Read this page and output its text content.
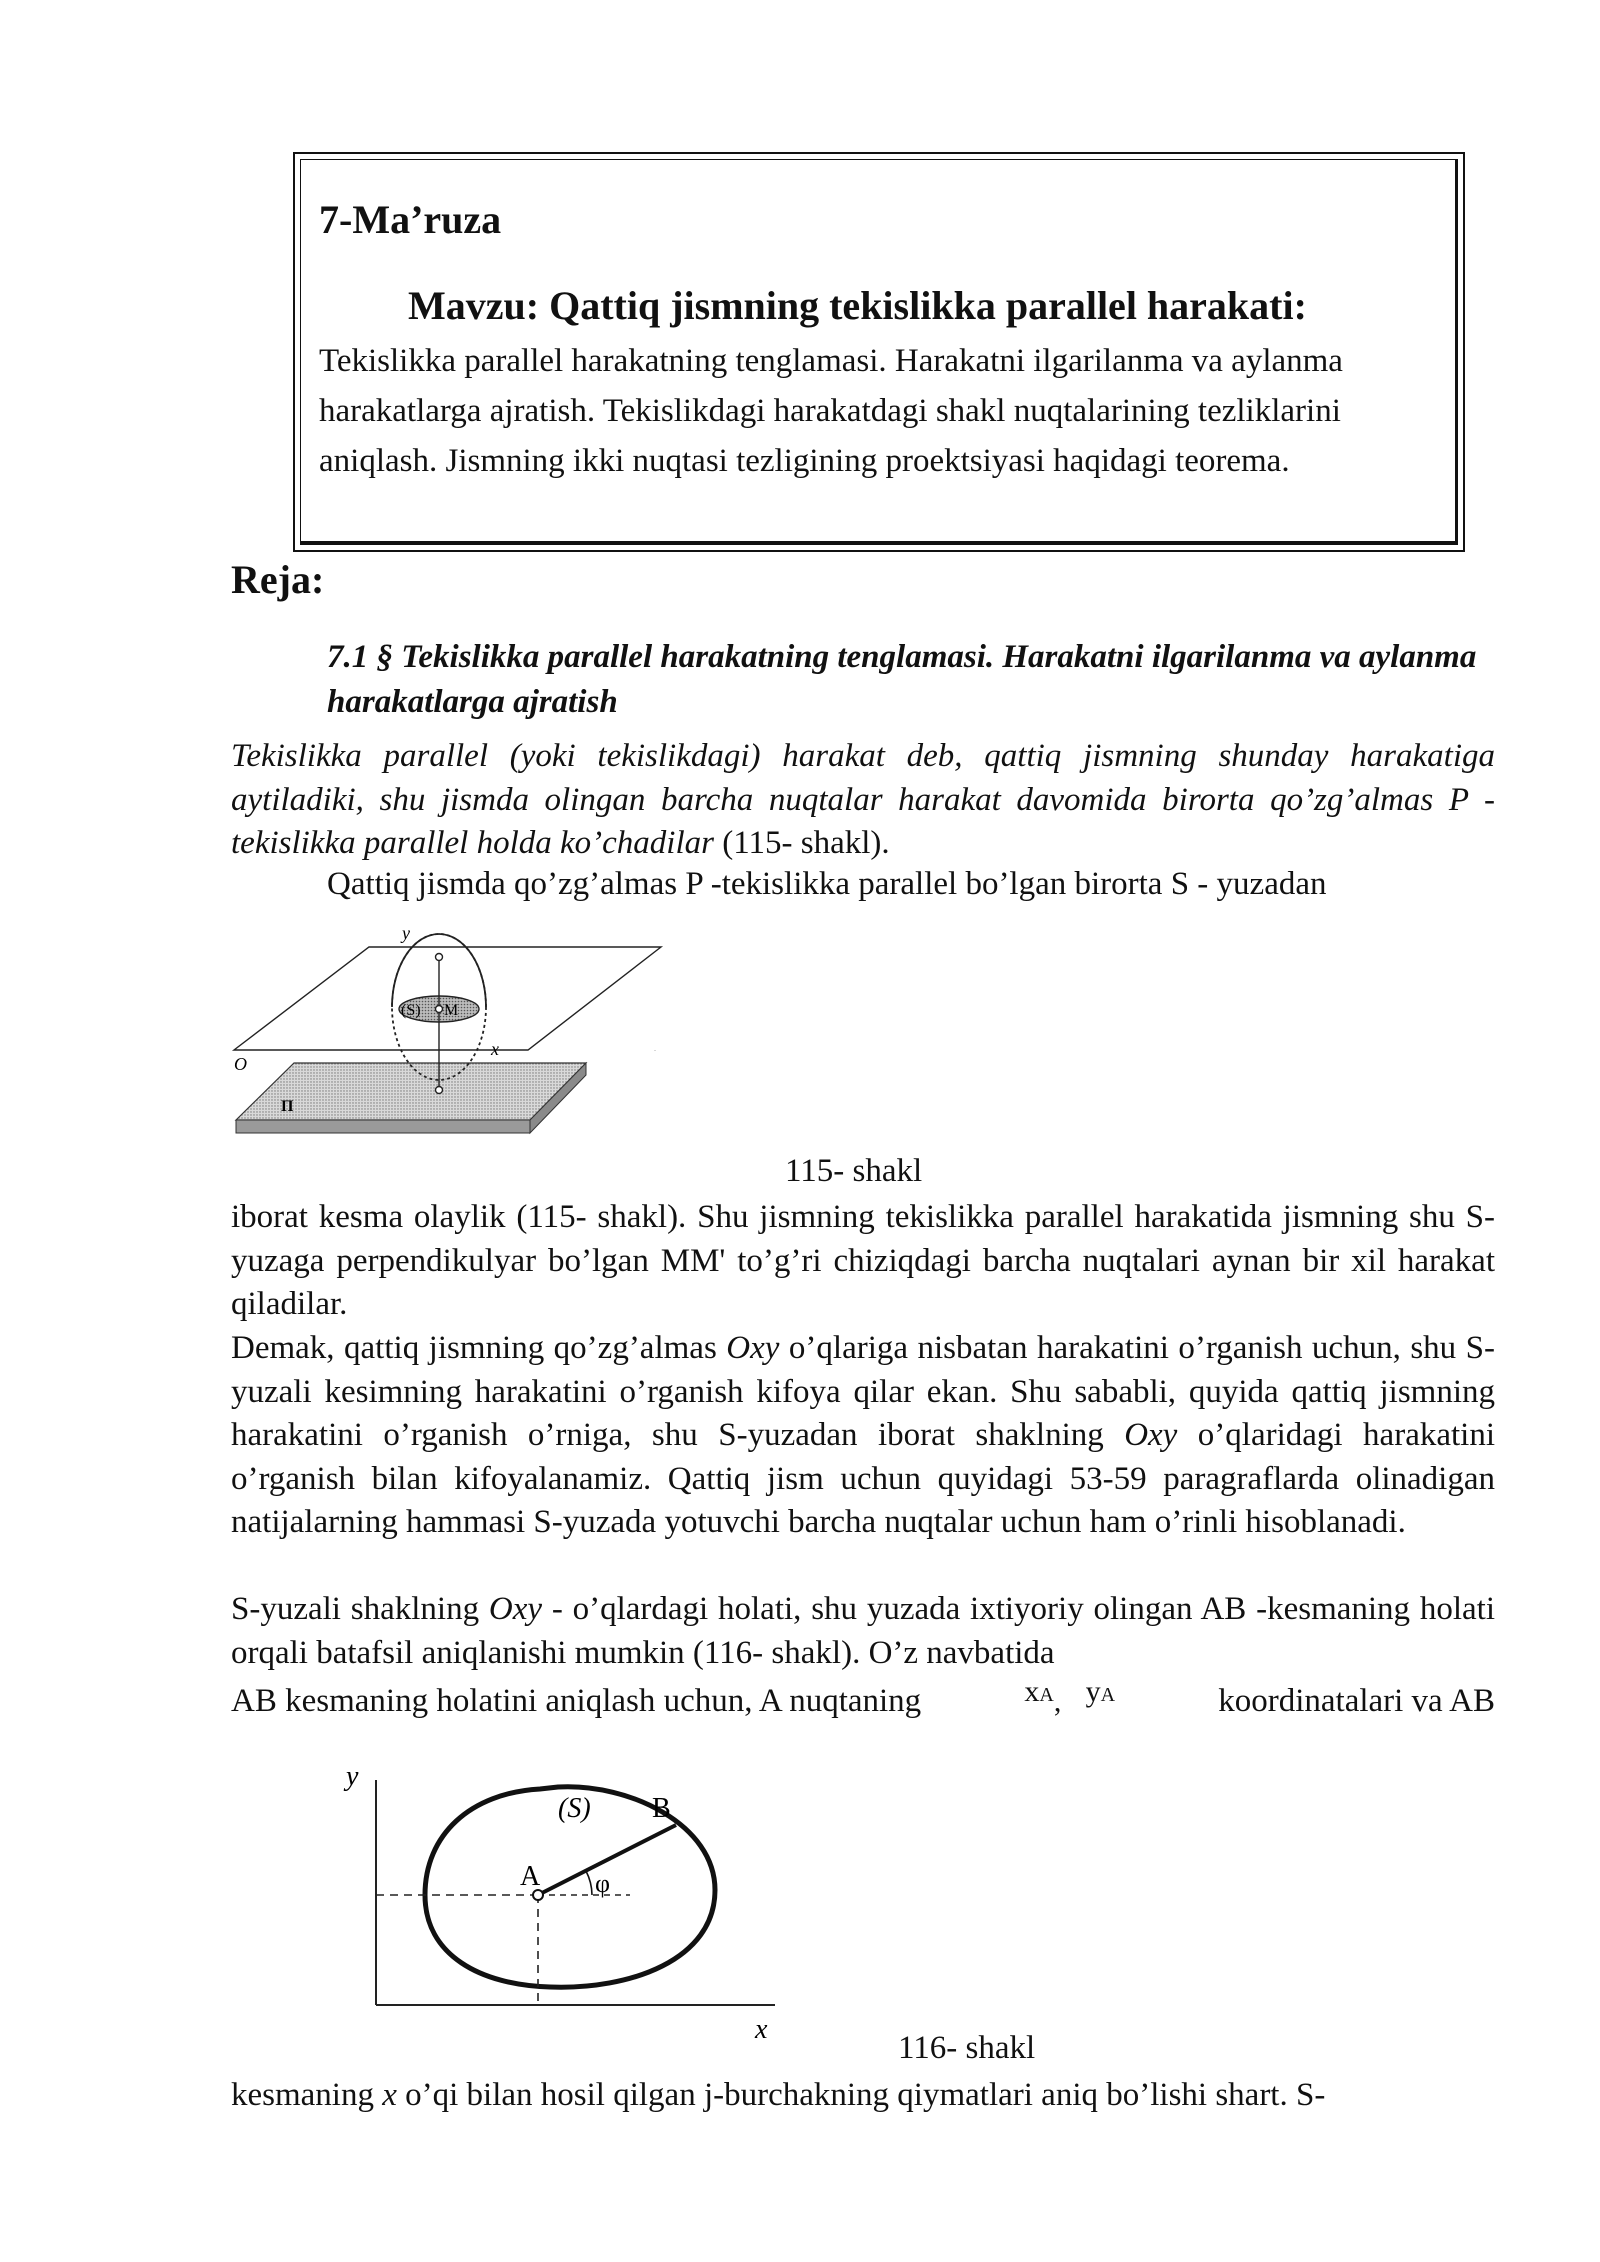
7-Ma’ruza

Mavzu: Qattiq jismning tekislikka parallel harakati:

Tekislikka parallel harakatning tenglamasi. Harakatni ilgarilanma va aylanma harakatlarga ajratish. Tekislikdagi harakatdagi shakl nuqtalarining tezliklarini aniqlash. Jismning ikki nuqtasi tezligining proektsiyasi haqidagi teorema.

Reja:

7.1 § Tekislikka parallel harakatning tenglamasi. Harakatni ilgarilanma va aylanma harakatlarga ajratish

Tekislikka parallel (yoki tekislikdagi) harakat deb, qattiq jismning shunday harakatiga aytiladiki, shu jismda olingan barcha nuqtalar harakat davomida birorta qo’zg’almas P -tekislikka parallel holda ko’chadilar (115- shakl).

Qattiq jismda qo’zg’almas P -tekislikka parallel bo’lgan birorta S - yuzadan

y
x
O
П
(S) M
.

115- shakl

iborat kesma olaylik (115- shakl). Shu jismning tekislikka parallel harakatida jismning shu S-yuzaga perpendikulyar bo’lgan MM' to’g’ri chiziqdagi barcha nuqtalari aynan bir xil harakat qiladilar.

Demak, qattiq jismning qo’zg’almas Oxy o’qlariga nisbatan harakatini o’rganish uchun, shu S-yuzali kesimning harakatini o’rganish kifoya qilar ekan. Shu sababli, quyida qattiq jismning harakatini o’rganish o’rniga, shu S-yuzadan iborat shaklning Oxy o’qlaridagi harakatini o’rganish bilan kifoyalanamiz. Qattiq jism uchun quyidagi 53-59 paragraflarda olinadigan natijalarning hammasi S-yuzada yotuvchi barcha nuqtalar uchun ham o’rinli hisoblanadi.

S-yuzali shaklning Oxy - o’qlardagi holati, shu yuzada ixtiyoriy olingan AB -kesmaning holati orqali batafsil aniqlanishi mumkin (116- shakl). O’z navbatida

AB kesmaning holatini aniqlash uchun, A nuqtaning	xA, yA	koordinatalari va AB
y
x
(S)
A
B
φ

116- shakl

kesmaning x o’qi bilan hosil qilgan j-burchakning qiymatlari aniq bo’lishi shart. S-
